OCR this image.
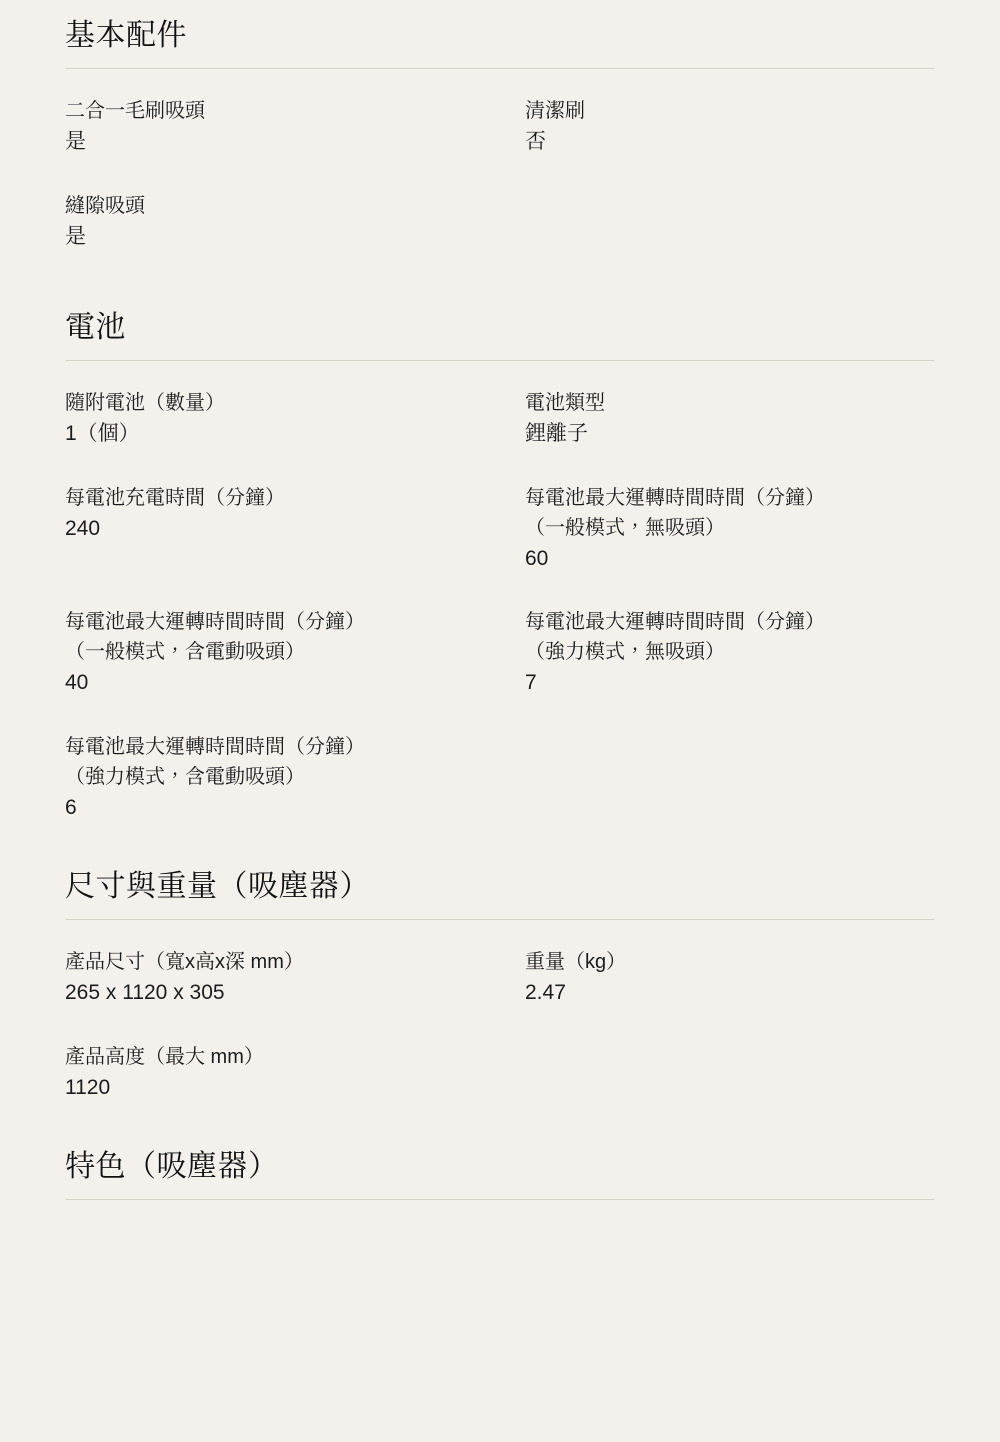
基本配件
二合一毛刷吸頭
是
清潔刷
否
縫隙吸頭
是
電池
隨附電池（數量）
1（個）
電池類型
鋰離子
每電池充電時間（分鐘）
240
每電池最大運轉時間時間（分鐘）
（一般模式，無吸頭）
60
每電池最大運轉時間時間（分鐘）
（一般模式，含電動吸頭）
40
每電池最大運轉時間時間（分鐘）
（強力模式，無吸頭）
7
每電池最大運轉時間時間（分鐘）
（強力模式，含電動吸頭）
6
尺寸與重量（吸塵器）
產品尺寸（寬x高x深 mm）
265 x 1120 x 305
重量（kg）
2.47
產品高度（最大 mm）
1120
特色（吸塵器）
